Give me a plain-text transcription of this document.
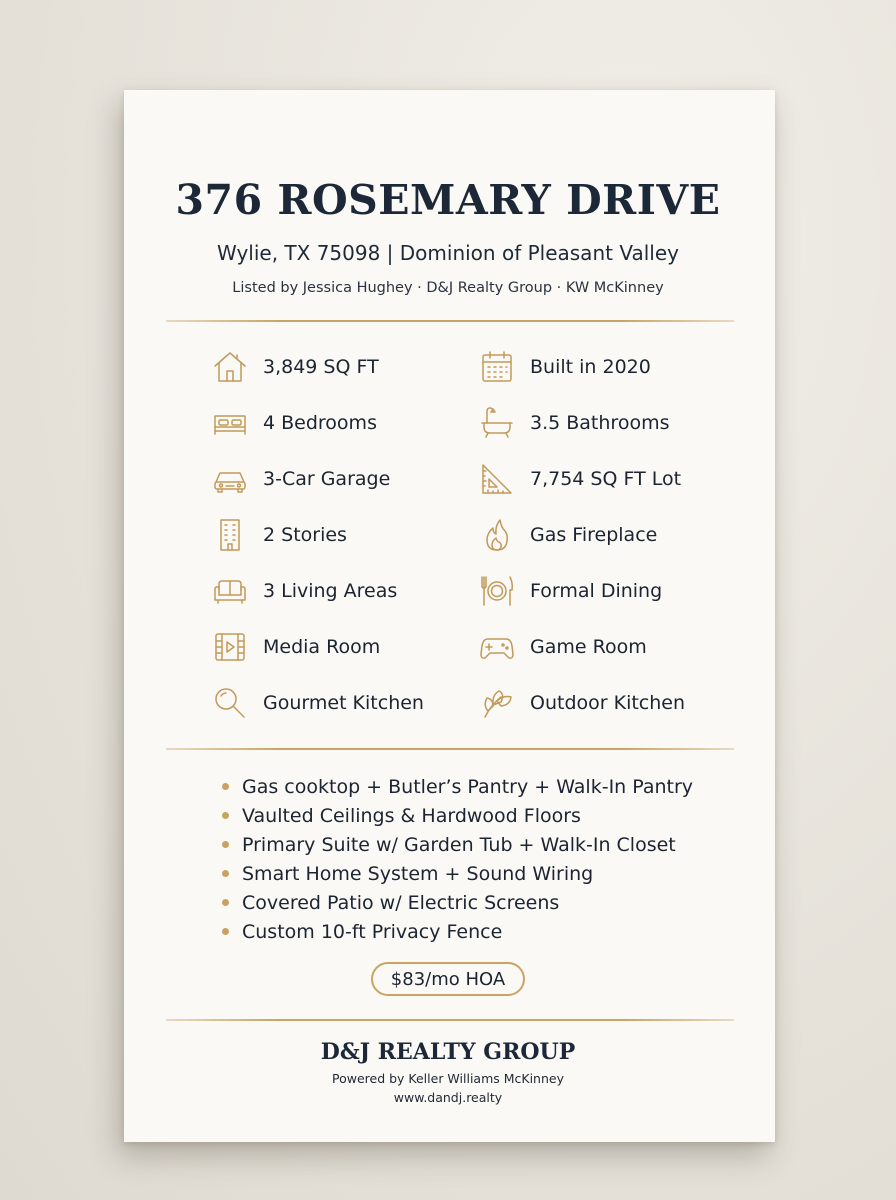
376 ROSEMARY DRIVE
Wylie, TX 75098 | Dominion of Pleasant Valley
Listed by Jessica Hughey · D&J Realty Group · KW McKinney
3,849 SQ FT
4 Bedrooms
3-Car Garage
2 Stories
3 Living Areas
Media Room
Gourmet Kitchen
Built in 2020
3.5 Bathrooms
7,754 SQ FT Lot
Gas Fireplace
Formal Dining
Game Room
Outdoor Kitchen
Gas cooktop + Butler’s Pantry + Walk-In Pantry
Vaulted Ceilings & Hardwood Floors
Primary Suite w/ Garden Tub + Walk-In Closet
Smart Home System + Sound Wiring
Covered Patio w/ Electric Screens
Custom 10-ft Privacy Fence
$83/mo HOA
D&J REALTY GROUP
Powered by Keller Williams McKinney
www.dandj.realty
